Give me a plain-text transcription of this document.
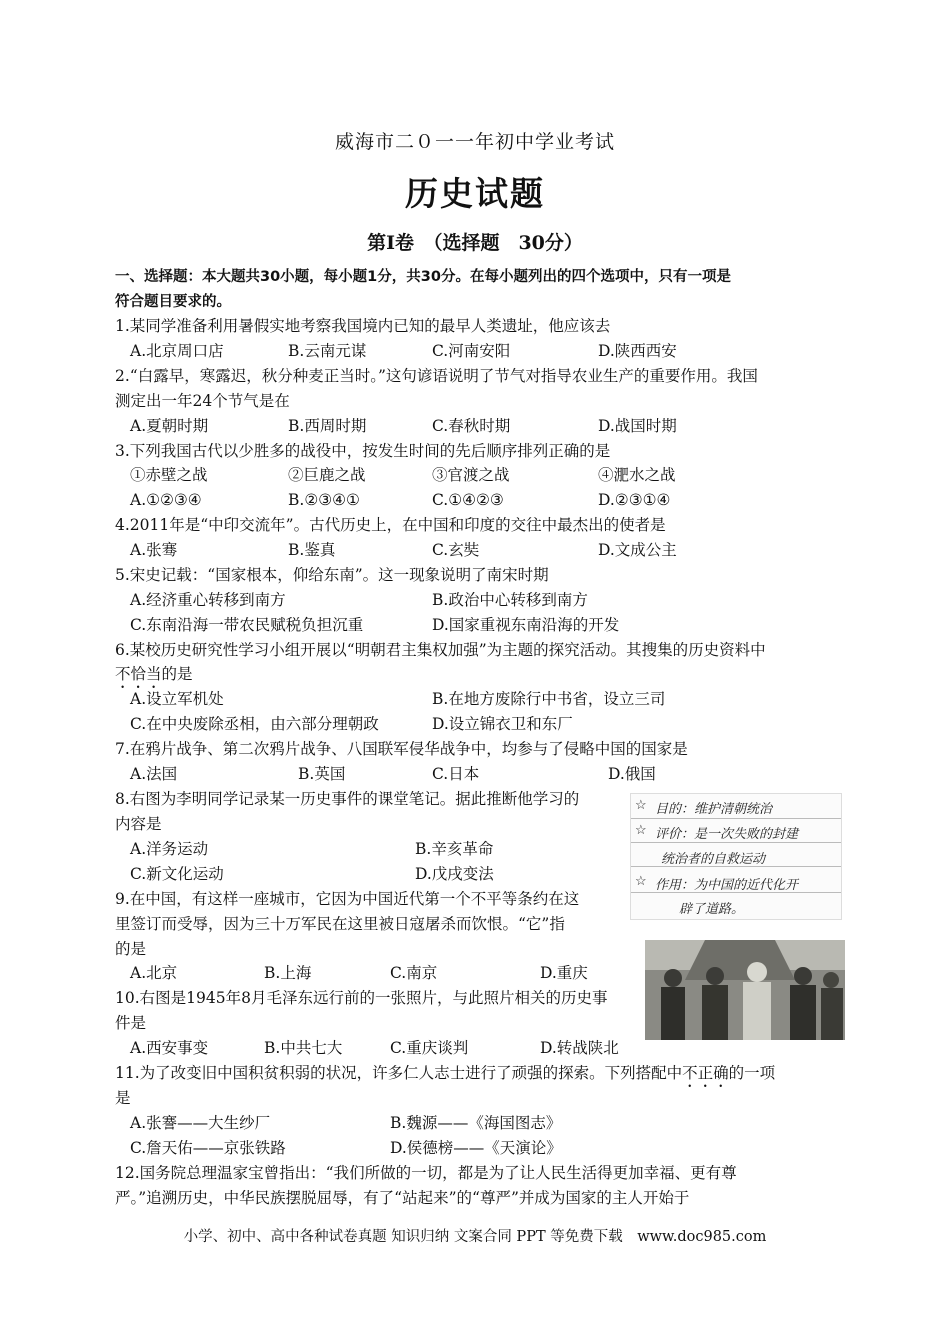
威海市二０一一年初中学业考试
历史试题
第Ⅰ卷　（选择题　30分）
一、选择题：本大题共30小题，每小题1分，共30分。在每小题列出的四个选项中，只有一项是
符合题目要求的。
1.某同学准备利用暑假实地考察我国境内已知的最早人类遗址，他应该去
A.北京周口店	B.云南元谋	C.河南安阳	D.陕西西安
2.“白露早，寒露迟，秋分种麦正当时。”这句谚语说明了节气对指导农业生产的重要作用。我国
测定出一年24个节气是在
A.夏朝时期	B.西周时期	C.春秋时期	D.战国时期
3.下列我国古代以少胜多的战役中，按发生时间的先后顺序排列正确的是
①赤壁之战	②巨鹿之战	③官渡之战	④淝水之战
A.①②③④	B.②③④①	C.①④②③	D.②③①④
4.2011年是“中印交流年”。古代历史上，在中国和印度的交往中最杰出的使者是
A.张骞	B.鉴真	C.玄奘	D.文成公主
5.宋史记载：“国家根本，仰给东南”。这一现象说明了南宋时期
A.经济重心转移到南方	B.政治中心转移到南方
C.东南沿海一带农民赋税负担沉重	D.国家重视东南沿海的开发
6.某校历史研究性学习小组开展以“明朝君主集权加强”为主题的探究活动。其搜集的历史资料中
不恰当的是
A.设立军机处	B.在地方废除行中书省，设立三司
C.在中央废除丞相，由六部分理朝政	D.设立锦衣卫和东厂
7.在鸦片战争、第二次鸦片战争、八国联军侵华战争中，均参与了侵略中国的国家是
A.法国	B.英国	C.日本	D.俄国
8.右图为李明同学记录某一历史事件的课堂笔记。据此推断他学习的
内容是
A.洋务运动	B.辛亥革命
C.新文化运动	D.戊戌变法
☆ 目的：维护清朝统治
☆ 评价：是一次失败的封建
统治者的自救运动
☆ 作用：为中国的近代化开
辟了道路。
9.在中国，有这样一座城市，它因为中国近代第一个不平等条约在这
里签订而受辱，因为三十万军民在这里被日寇屠杀而饮恨。“它”指
的是
A.北京	B.上海	C.南京	D.重庆
10.右图是1945年8月毛泽东远行前的一张照片，与此照片相关的历史事
件是
A.西安事变	B.中共七大	C.重庆谈判	D.转战陕北
11.为了改变旧中国积贫积弱的状况，许多仁人志士进行了顽强的探索。下列搭配中不正确的一项
是
A.张謇——大生纱厂	B.魏源——《海国图志》
C.詹天佑——京张铁路	D.侯德榜——《天演论》
12.国务院总理温家宝曾指出：“我们所做的一切，都是为了让人民生活得更加幸福、更有尊
严。”追溯历史，中华民族摆脱屈辱，有了“站起来”的“尊严”并成为国家的主人开始于
小学、初中、高中各种试卷真题 知识归纳 文案合同 PPT 等免费下载　www.doc985.com
